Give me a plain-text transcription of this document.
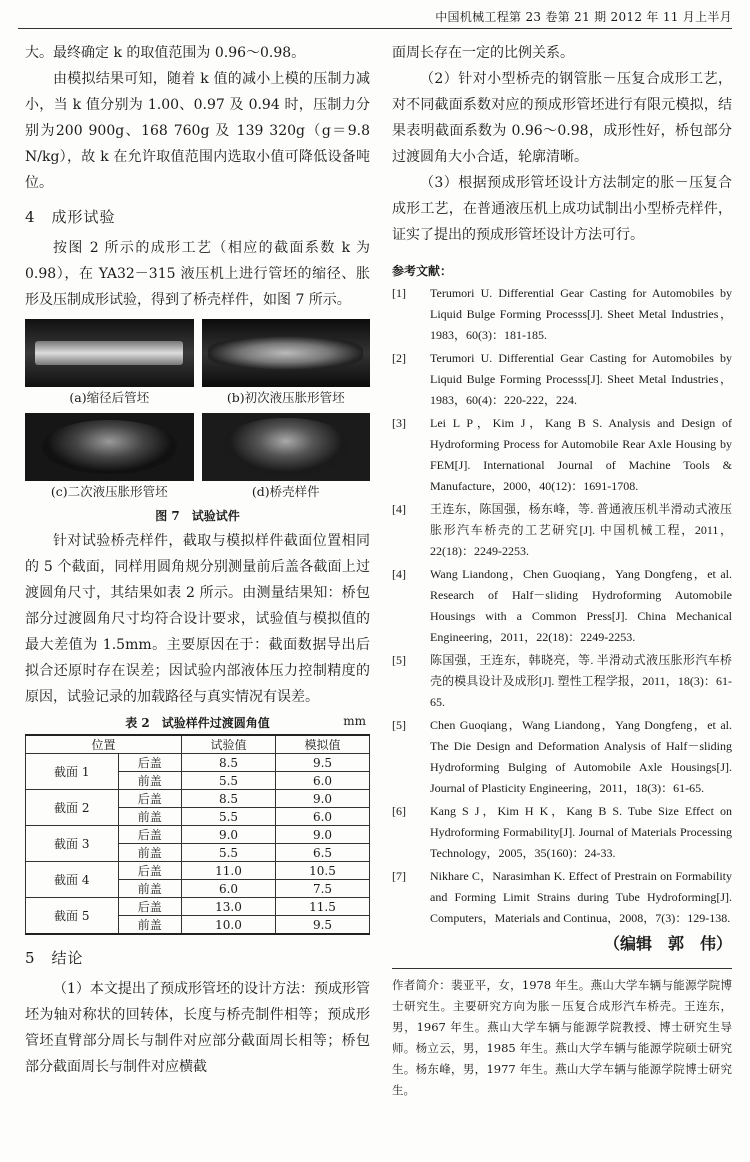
中国机械工程第 23 卷第 21 期 2012 年 11 月上半月

大。最终确定 k 的取值范围为 0.96～0.98。

由模拟结果可知，随着 k 值的减小上模的压制力减小，当 k 值分别为 1.00、0.97 及 0.94 时，压制力分别为200 900g、168 760g 及 139 320g（g＝9.8 N/kg），故 k 在允许取值范围内选取小值可降低设备吨位。

4　成形试验

按图 2 所示的成形工艺（相应的截面系数 k 为 0.98），在 YA32－315 液压机上进行管坯的缩径、胀形及压制成形试验，得到了桥壳样件，如图 7 所示。

(a)缩径后管坯	(b)初次液压胀形管坯
(c)二次液压胀形管坯	(d)桥壳样件
图 7　试验试件

针对试验桥壳样件，截取与模拟样件截面位置相同的 5 个截面，同样用圆角规分别测量前后盖各截面上过渡圆角尺寸，其结果如表 2 所示。由测量结果知：桥包部分过渡圆角尺寸均符合设计要求，试验值与模拟值的最大差值为 1.5mm。主要原因在于：截面数据导出后拟合还原时存在误差；因试验内部液体压力控制精度的原因，试验记录的加载路径与真实情况有误差。

表 2　试验样件过渡圆角值	mm
位置		试验值	模拟值
截面 1	后盖	8.5	9.5
	前盖	5.5	6.0
截面 2	后盖	8.5	9.0
	前盖	5.5	6.0
截面 3	后盖	9.0	9.0
	前盖	5.5	6.5
截面 4	后盖	11.0	10.5
	前盖	6.0	7.5
截面 5	后盖	13.0	11.5
	前盖	10.0	9.5
5　结论

（1）本文提出了预成形管坯的设计方法：预成形管坯为轴对称状的回转体，长度与桥壳制件相等；预成形管坯直臂部分周长与制件对应部分截面周长相等；桥包部分截面周长与制件对应横截

面周长存在一定的比例关系。

（2）针对小型桥壳的钢管胀－压复合成形工艺，对不同截面系数对应的预成形管坯进行有限元模拟，结果表明截面系数为 0.96～0.98，成形性好，桥包部分过渡圆角大小合适，轮廓清晰。

（3）根据预成形管坯设计方法制定的胀－压复合成形工艺，在普通液压机上成功试制出小型桥壳样件，证实了提出的预成形管坯设计方法可行。

参考文献：
[1]	Terumori U. Differential Gear Casting for Automobiles by Liquid Bulge Forming Processs[J]. Sheet Metal Industries，1983，60(3)：181-185.
[2]	Terumori U. Differential Gear Casting for Automobiles by Liquid Bulge Forming Processs[J]. Sheet Metal Industries，1983，60(4)：220-222，224.
[3]	Lei L P，Kim J，Kang B S. Analysis and Design of Hydroforming Process for Automobile Rear Axle Housing by FEM[J]. International Journal of Machine Tools & Manufacture，2000，40(12)：1691-1708.
[4]	王连东，陈国强，杨东峰，等. 普通液压机半滑动式液压胀形汽车桥壳的工艺研究[J]. 中国机械工程，2011，22(18)：2249-2253.
[4]	Wang Liandong，Chen Guoqiang，Yang Dongfeng，et al. Research of Half－sliding Hydroforming Automobile Housings with a Common Press[J]. China Mechanical Engineering，2011，22(18)：2249-2253.
[5]	陈国强，王连东，韩晓亮，等. 半滑动式液压胀形汽车桥壳的模具设计及成形[J]. 塑性工程学报，2011，18(3)：61-65.
[5]	Chen Guoqiang，Wang Liandong，Yang Dongfeng，et al. The Die Design and Deformation Analysis of Half－sliding Hydroforming Bulging of Automobile Axle Housings[J]. Journal of Plasticity Engineering，2011，18(3)：61-65.
[6]	Kang S J，Kim H K，Kang B S. Tube Size Effect on Hydroforming Formability[J]. Journal of Materials Processing Technology，2005，35(160)：24-33.
[7]	Nikhare C，Narasimhan K. Effect of Prestrain on Formability and Forming Limit Strains during Tube Hydroforming[J]. Computers，Materials and Continua，2008，7(3)：129-138.
（编辑　郭　伟）
作者简介：裴亚平，女，1978 年生。燕山大学车辆与能源学院博士研究生。主要研究方向为胀－压复合成形汽车桥壳。王连东，男，1967 年生。燕山大学车辆与能源学院教授、博士研究生导师。杨立云，男，1985 年生。燕山大学车辆与能源学院硕士研究生。杨东峰，男，1977 年生。燕山大学车辆与能源学院博士研究生。
